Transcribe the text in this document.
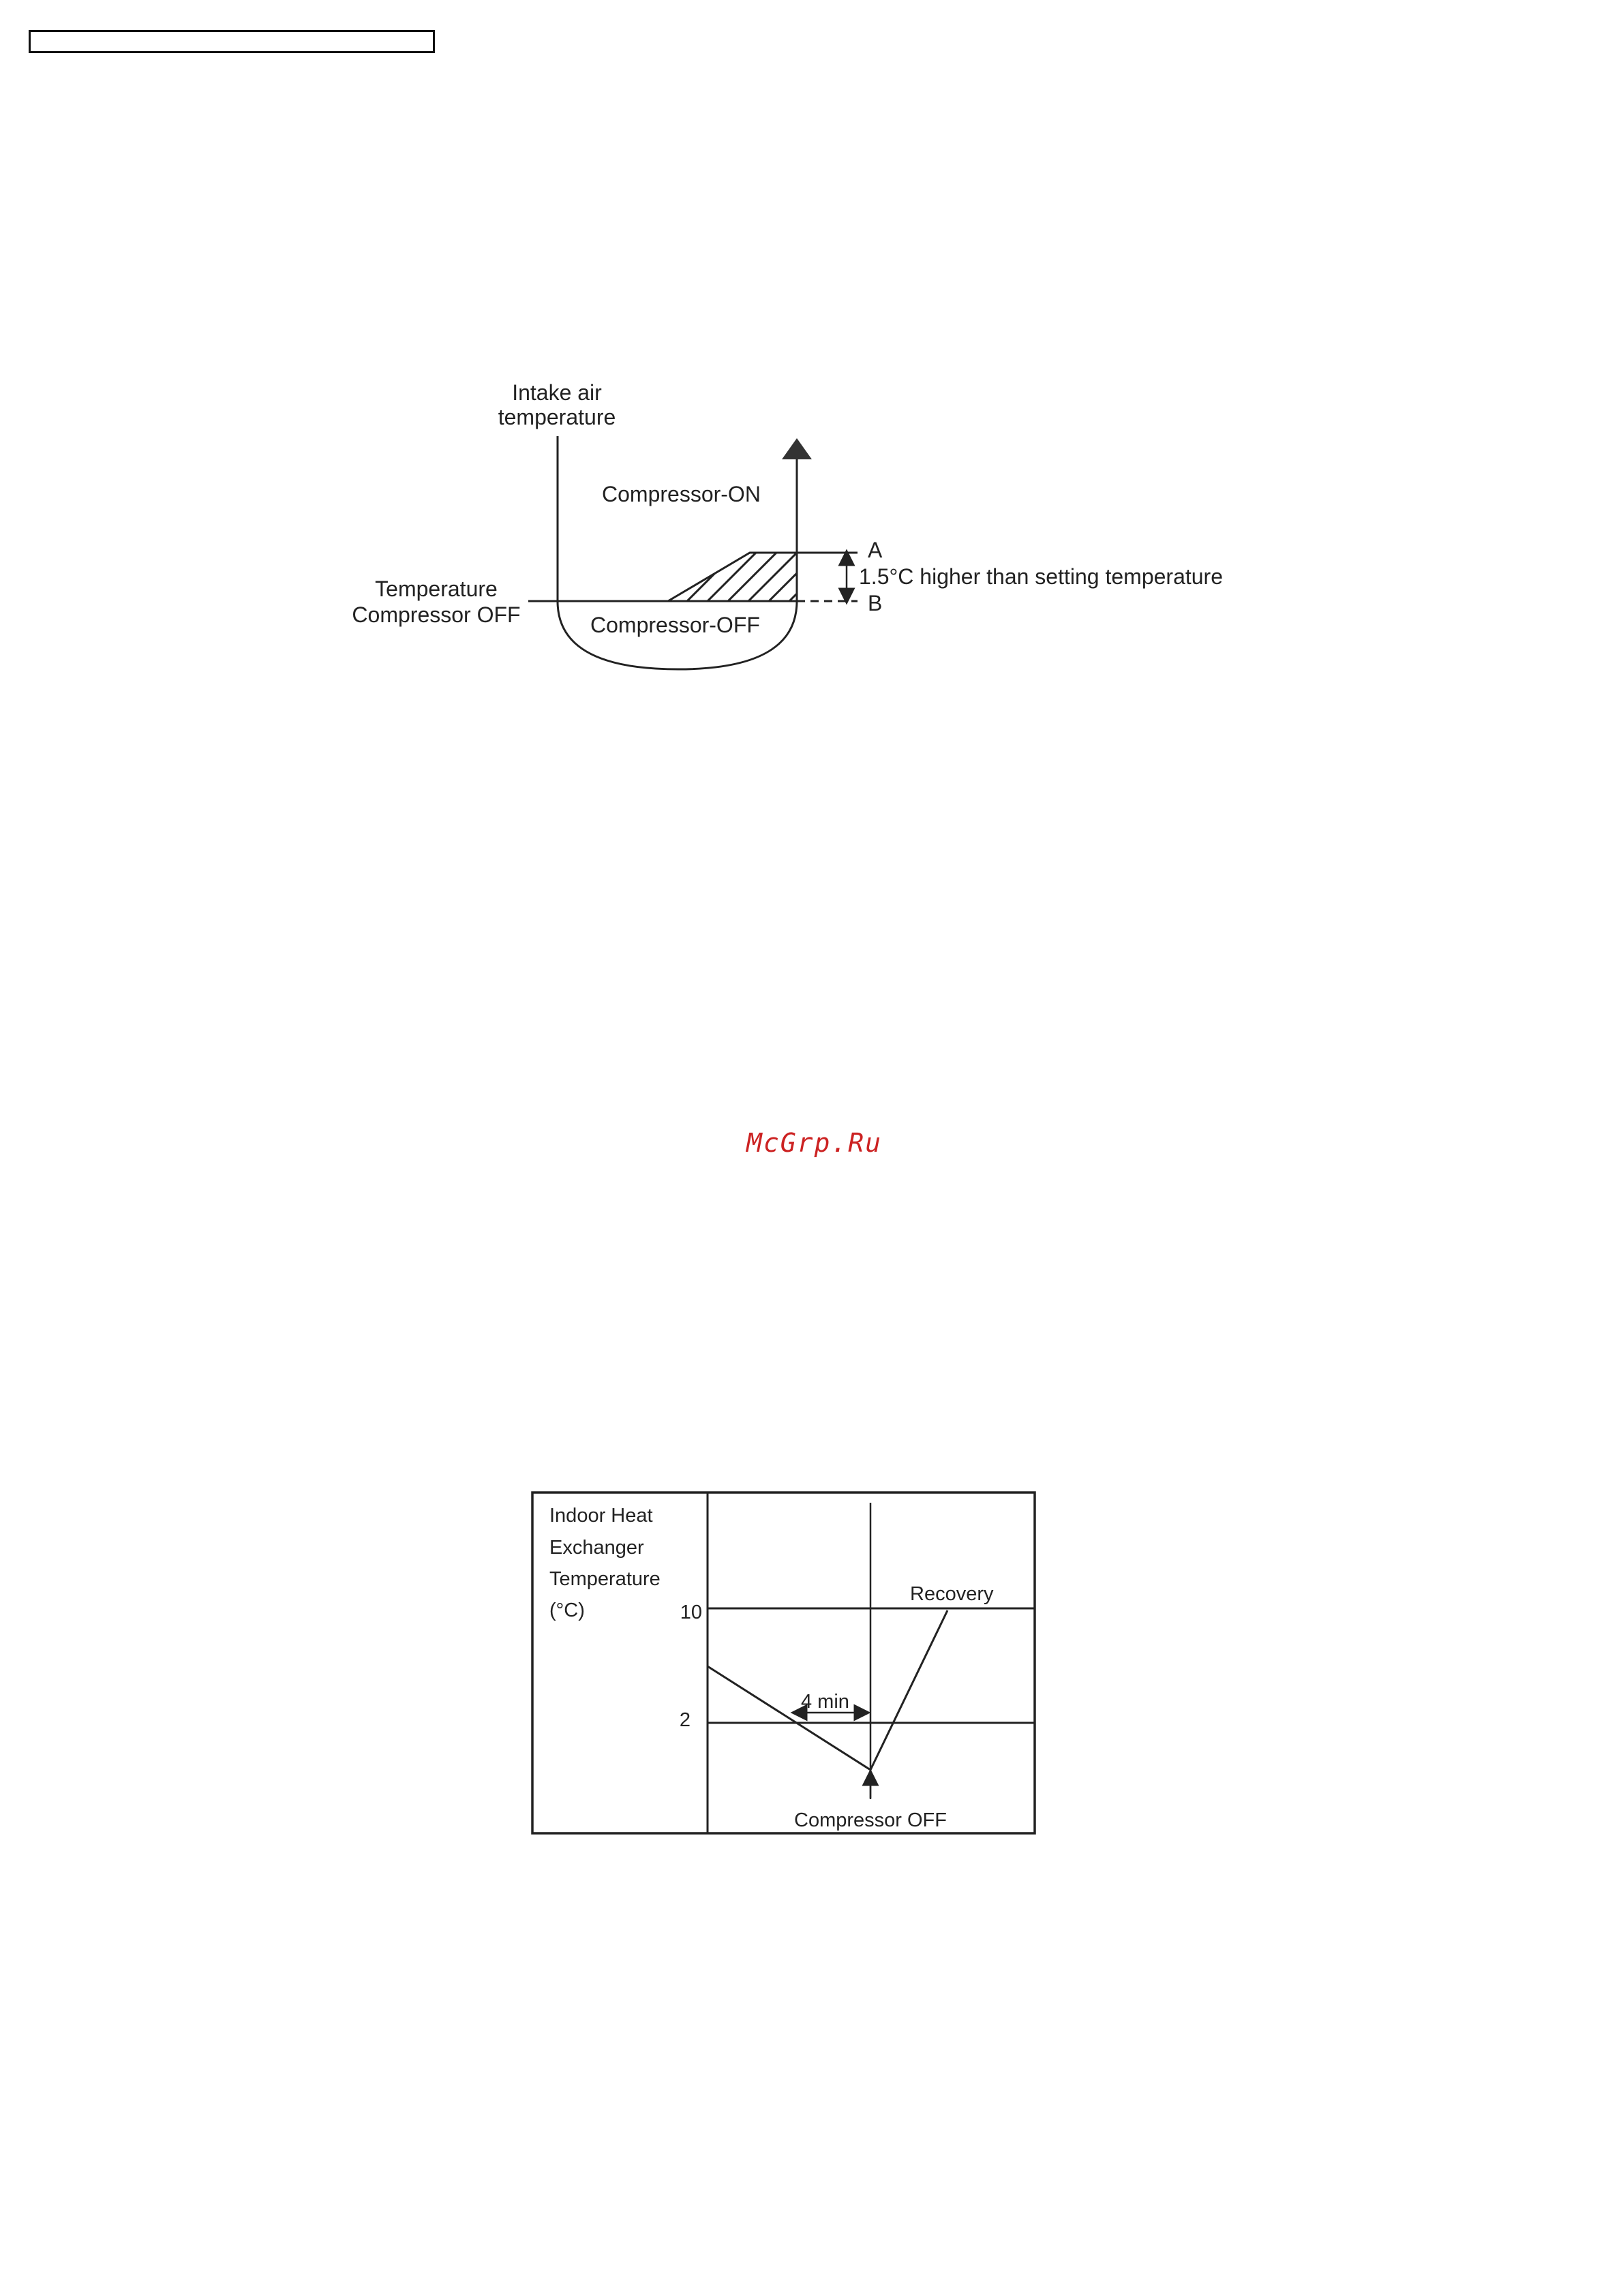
Intake air
temperature
Compressor-ON
Compressor-OFF
Temperature
Compressor OFF
A
B
1.5°C higher than setting temperature
Indoor Heat
Exchanger
Temperature
(°C)	10
2
Recovery
4 min
Compressor OFF
McGrp.Ru
